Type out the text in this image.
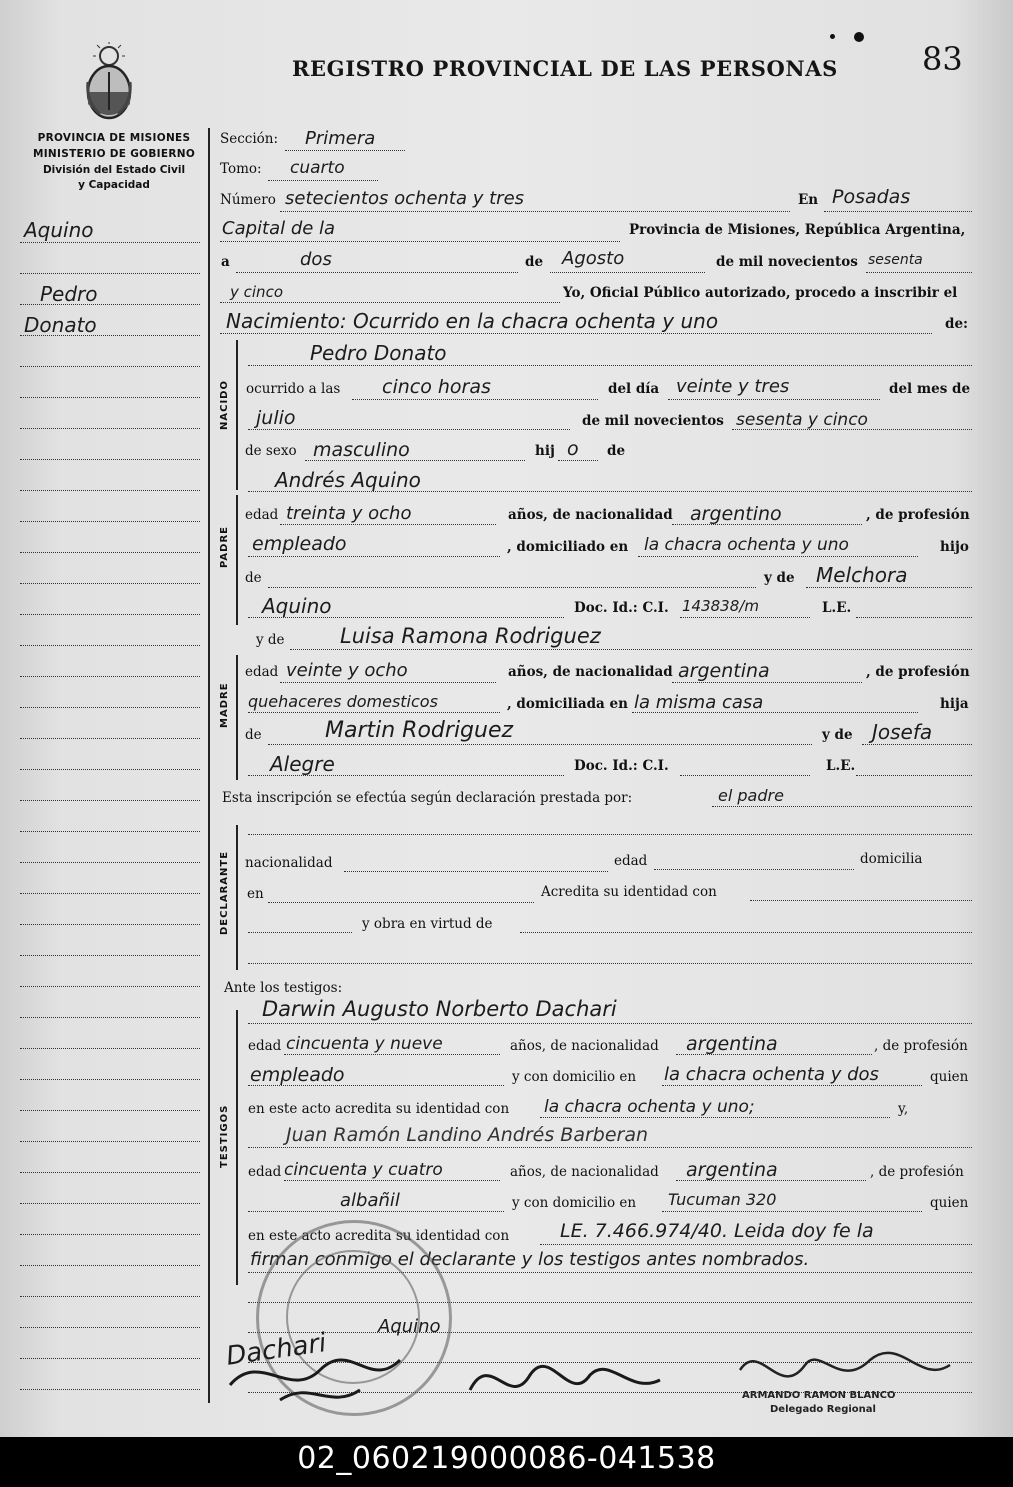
REGISTRO PROVINCIAL DE LAS PERSONAS	83
PROVINCIA DE MISIONES
MINISTERIO DE GOBIERNO
División del Estado Civil
y Capacidad
Aquino
Pedro
Donato
NACIDO
PADRE
MADRE
DECLARANTE
TESTIGOS
Sección: Primera
Tomo: cuarto
Número setecientos ochenta y tres	En Posadas
Capital de la	Provincia de Misiones, República Argentina,
a	dos	de Agosto	de mil novecientos sesenta
y cinco	Yo, Oficial Público autorizado, procedo a inscribir el
Nacimiento: Ocurrido en la chacra ochenta y uno	de:
Pedro Donato
ocurrido a las cinco horas	del día veinte y tres	del mes de
julio	de mil novecientos sesenta y cinco
de sexo masculino	hij o de
Andrés Aquino
edad treinta y ocho	años, de nacionalidad argentino	, de profesión
empleado	, domiciliado en la chacra ochenta y uno	hijo
de	y de Melchora
Aquino	Doc. Id.: C.I. 143838/m	L.E.
y de	Luisa Ramona Rodriguez
edad veinte y ocho	años, de nacionalidad argentina	, de profesión
quehaceres domesticos	, domiciliada en la misma casa	hija
de	Martin Rodriguez	y de Josefa
Alegre	Doc. Id.: C.I.	L.E.
Esta inscripción se efectúa según declaración prestada por:	el padre
nacionalidad	edad	domicilia
en	Acredita su identidad con
y obra en virtud de
Ante los testigos:
Darwin Augusto Norberto Dachari
edad cincuenta y nueve	años, de nacionalidad argentina	, de profesión
empleado	y con domicilio en la chacra ochenta y dos	quien
en este acto acredita su identidad con la chacra ochenta y uno;	y,
Juan Ramón Landino Andrés Barberan
edad cincuenta y cuatro	años, de nacionalidad argentina	, de profesión
albañil	y con domicilio en Tucuman 320	quien
en este acto acredita su identidad con	LE. 7.466.974/40. Leida doy fe la
firman conmigo el declarante y los testigos antes nombrados.
Dachari
Aquino
ARMANDO RAMON BLANCO
Delegado Regional
02_060219000086-041538
